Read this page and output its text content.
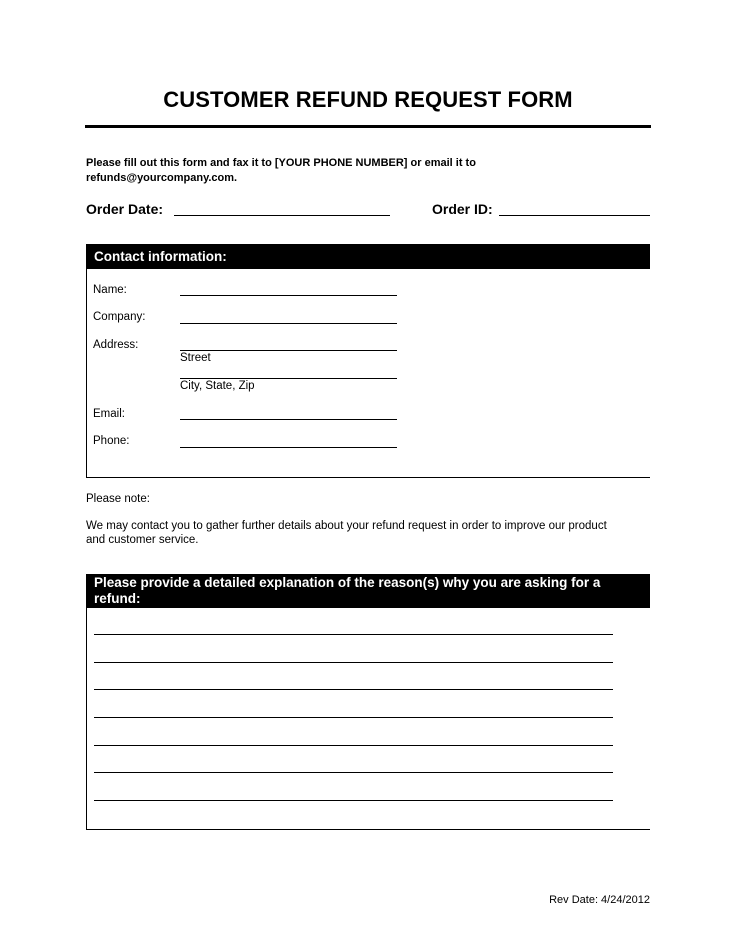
CUSTOMER REFUND REQUEST FORM
Please fill out this form and fax it to [YOUR PHONE NUMBER] or email it to
refunds@yourcompany.com.
Order Date:	Order ID:
Contact information:
Name:
Company:
Address:
Street
City, State, Zip
Email:
Phone:
Please note:
We may contact you to gather further details about your refund request in order to improve our product
and customer service.
Please provide a detailed explanation of the reason(s) why you are asking for a
refund:
Rev Date: 4/24/2012
